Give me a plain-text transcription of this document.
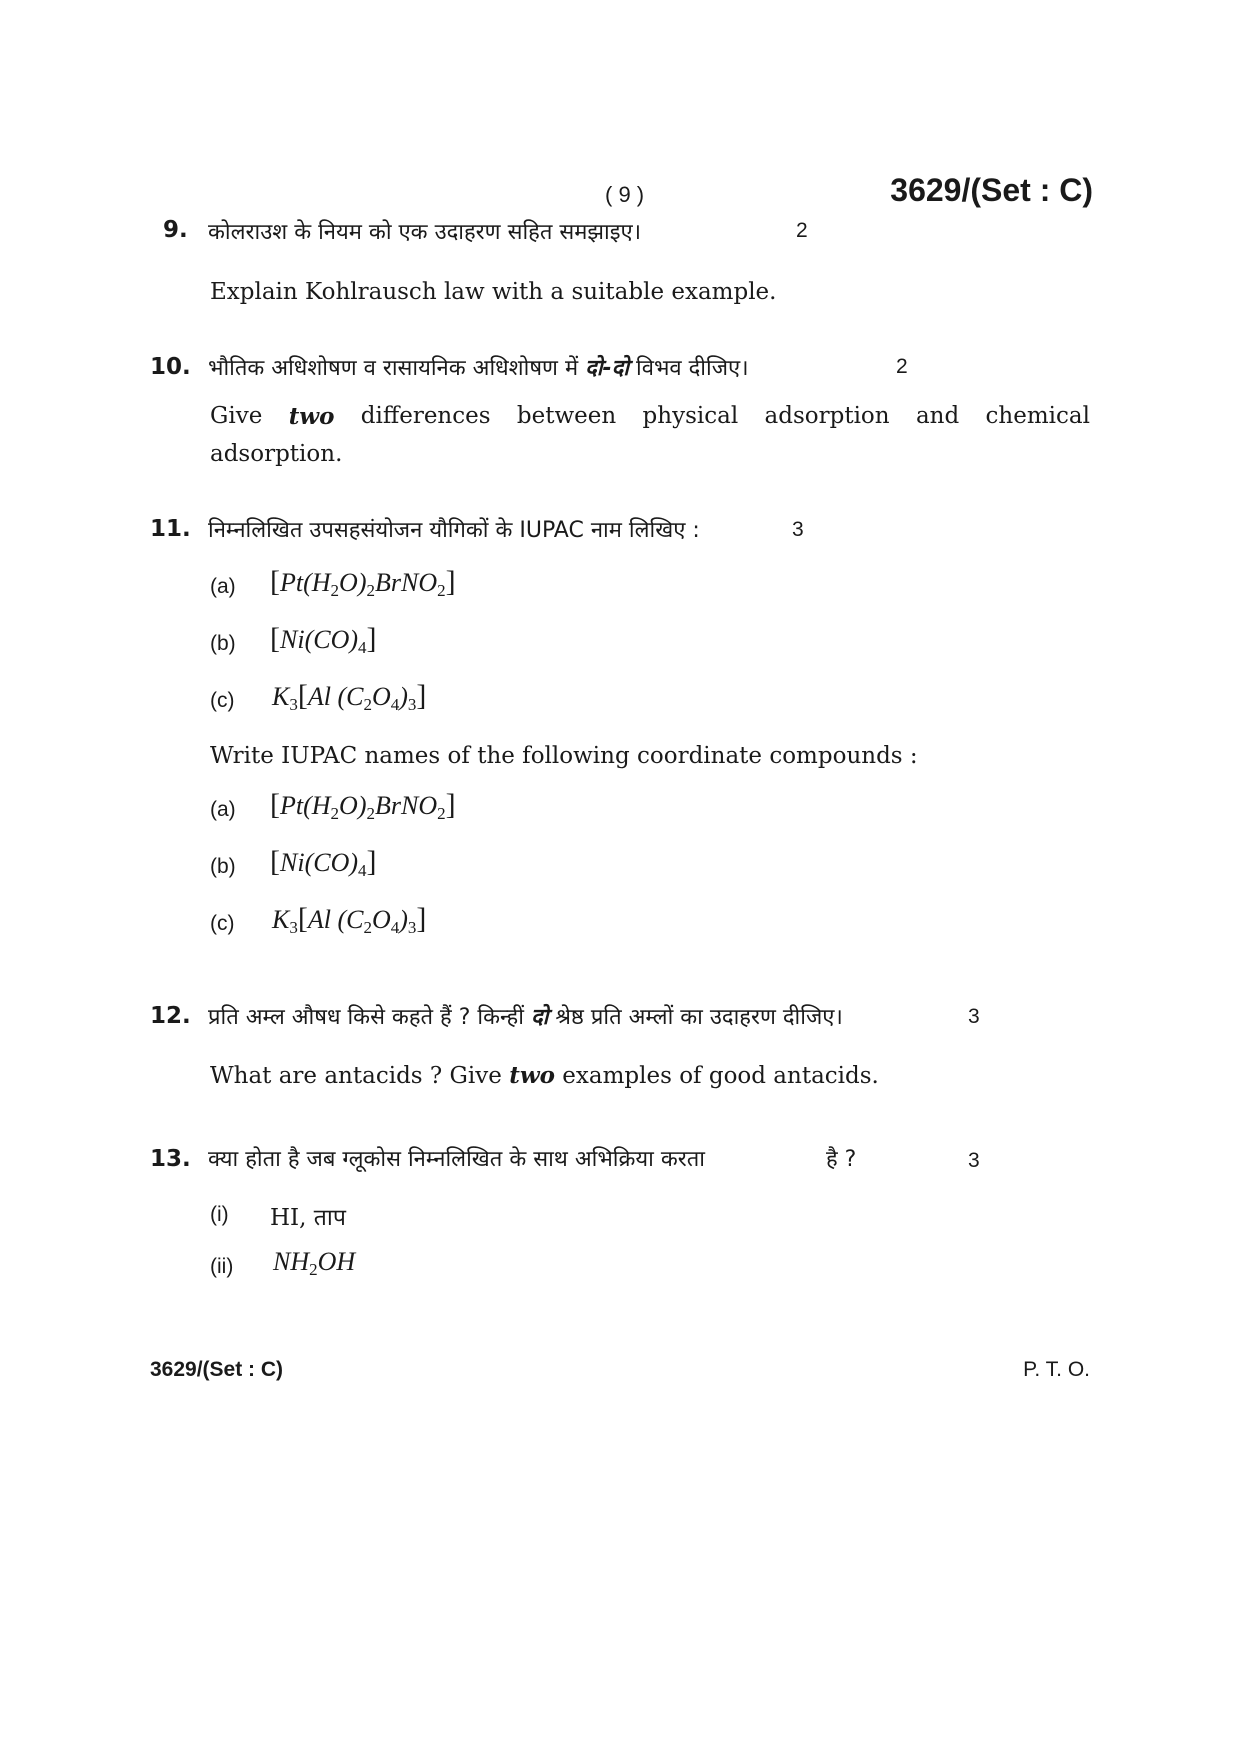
( 9 )	3629/(Set : C)
9. कोलराउश के नियम को एक उदाहरण सहित समझाइए।	2
Explain Kohlrausch law with a suitable example.
10. भौतिक अधिशोषण व रासायनिक अधिशोषण में दो-दो विभव दीजिए।	2
Give two differences between physical adsorption and chemical
adsorption.
11. निम्नलिखित उपसहसंयोजन यौगिकों के IUPAC नाम लिखिए :	3
(a) $[Pt(H_2O)_2BrNO_2]$
(b) $[Ni(CO)_4]$
(c) $K_3[Al$ $(C_2O_4)_3$]
Write IUPAC names of the following coordinate compounds :
(a) $[Pt(H_2O)_2BrNO_2]$
(b) $[Ni(CO)_4]$
(c) $K_3[Al$ $(C_2O_4)_3$]
12. प्रति अम्ल औषध किसे कहते हैं ? किन्हीं दो श्रेष्ठ प्रति अम्लों का उदाहरण दीजिए।	3
What are antacids ? Give two examples of good antacids.
13. क्या होता है जब ग्लूकोस निम्नलिखित के साथ अभिक्रिया करता	है ?	3
(i) HI, ताप
(ii) $NH_2OH$
3629/(Set : C)	P. T. O.
